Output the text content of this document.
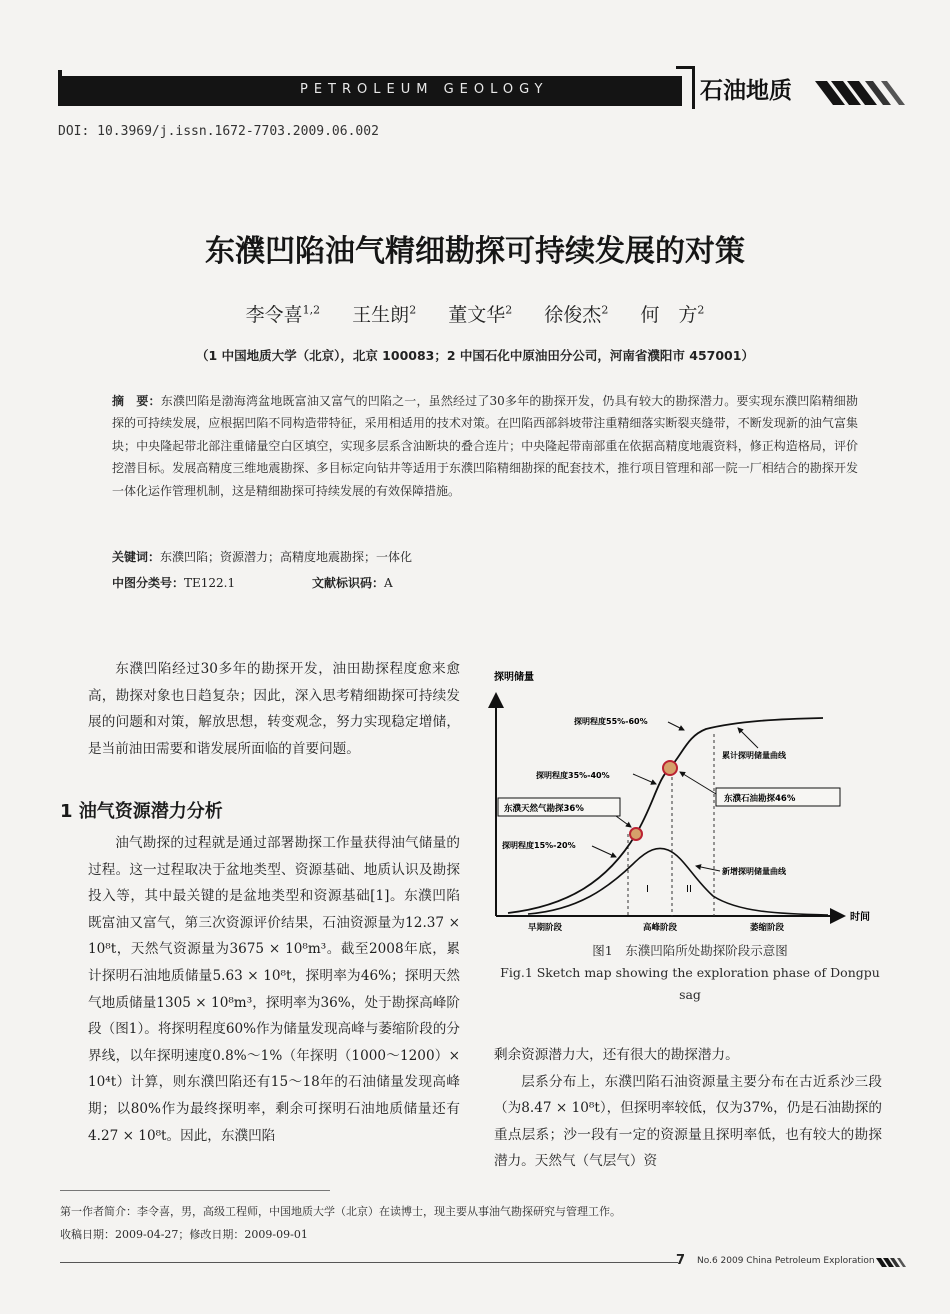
PETROLEUM GEOLOGY	石油地质
DOI: 10.3969/j.issn.1672-7703.2009.06.002
东濮凹陷油气精细勘探可持续发展的对策
李令喜$^{1,2}$ 王生朗$^2$ 董文华$^2$ 徐俊杰$^2$ 何　方$^2$
（1 中国地质大学（北京），北京 100083；2 中国石化中原油田分公司，河南省濮阳市 457001）
摘　要：东濮凹陷是渤海湾盆地既富油又富气的凹陷之一，虽然经过了30多年的勘探开发，仍具有较大的勘探潜力。要实现东濮凹陷精细勘探的可持续发展，应根据凹陷不同构造带特征，采用相适用的技术对策。在凹陷西部斜坡带注重精细落实断裂夹缝带，不断发现新的油气富集块；中央隆起带北部注重储量空白区填空，实现多层系含油断块的叠合连片；中央隆起带南部重在依据高精度地震资料，修正构造格局，评价挖潜目标。发展高精度三维地震勘探、多目标定向钻井等适用于东濮凹陷精细勘探的配套技术，推行项目管理和部一院一厂相结合的勘探开发一体化运作管理机制，这是精细勘探可持续发展的有效保障措施。
关键词：东濮凹陷；资源潜力；高精度地震勘探；一体化
中图分类号：TE122.1	文献标识码：A

东濮凹陷经过30多年的勘探开发，油田勘探程度愈来愈高，勘探对象也日趋复杂；因此，深入思考精细勘探可持续发展的问题和对策，解放思想，转变观念，努力实现稳定增储，是当前油田需要和谐发展所面临的首要问题。

1 油气资源潜力分析

油气勘探的过程就是通过部署勘探工作量获得油气储量的过程。这一过程取决于盆地类型、资源基础、地质认识及勘探投入等，其中最关键的是盆地类型和资源基础[1]。东濮凹陷既富油又富气，第三次资源评价结果，石油资源量为12.37 × 10⁸t，天然气资源量为3675 × 10⁸m³。截至2008年底，累计探明石油地质储量5.63 × 10⁸t，探明率为46%；探明天然气地质储量1305 × 10⁸m³，探明率为36%，处于勘探高峰阶段（图1）。将探明程度60%作为储量发现高峰与萎缩阶段的分界线，以年探明速度0.8%～1%（年探明（1000～1200）× 10⁴t）计算，则东濮凹陷还有15～18年的石油储量发现高峰期；以80%作为最终探明率，剩余可探明石油地质储量还有4.27 × 10⁸t。因此，东濮凹陷

探明储量
时间
探明程度55%-60%
探明程度35%-40%
探明程度15%-20%
东濮天然气勘探36%
东濮石油勘探46%
累计探明储量曲线
新增探明储量曲线
I	II
早期阶段	高峰阶段	萎缩阶段
图1　东濮凹陷所处勘探阶段示意图
Fig.1 Sketch map showing the exploration phase of Dongpu sag

剩余资源潜力大，还有很大的勘探潜力。

层系分布上，东濮凹陷石油资源量主要分布在古近系沙三段（为8.47 × 10⁸t），但探明率较低，仅为37%，仍是石油勘探的重点层系；沙一段有一定的资源量且探明率低，也有较大的勘探潜力。天然气（气层气）资

第一作者简介：李令喜，男，高级工程师，中国地质大学（北京）在读博士，现主要从事油气勘探研究与管理工作。
收稿日期：2009-04-27；修改日期：2009-09-01
7 No.6 2009 China Petroleum Exploration
